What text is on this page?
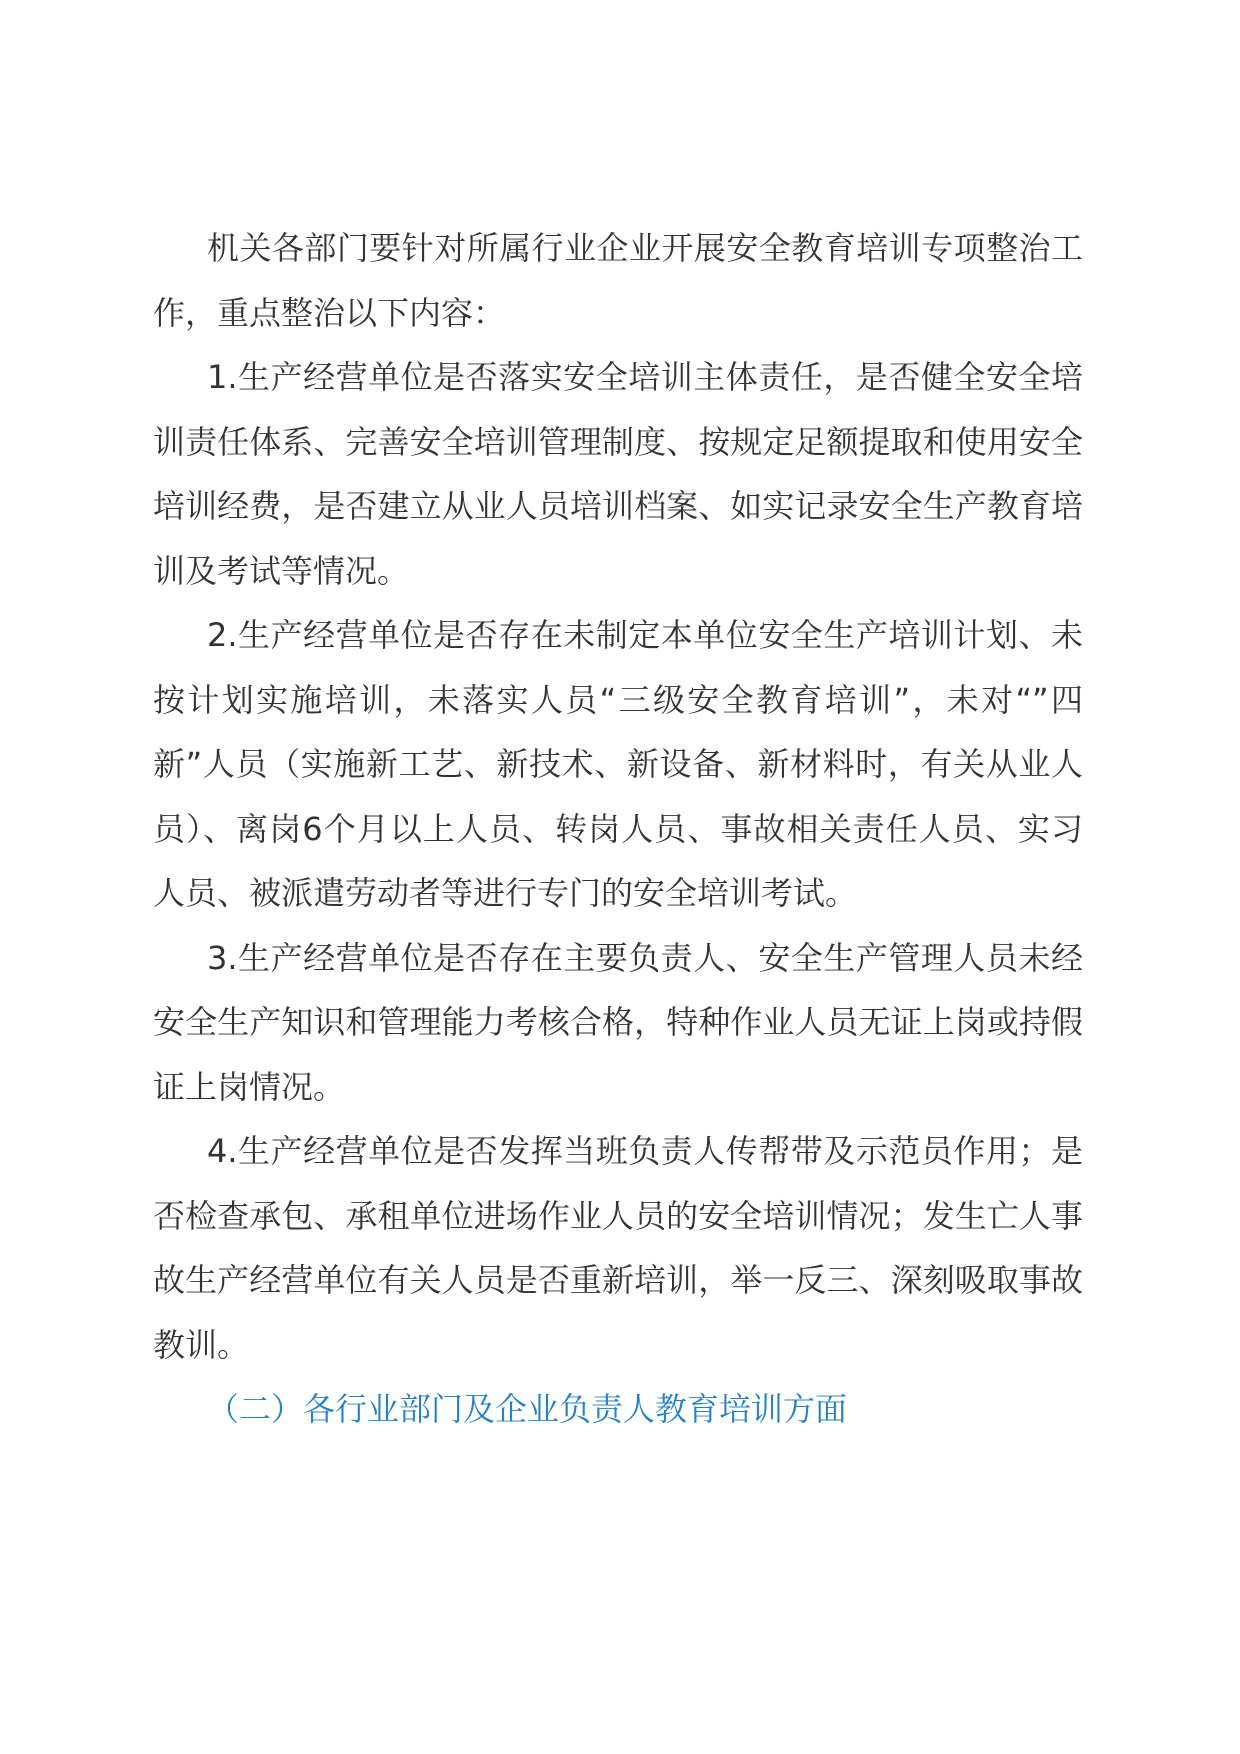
机关各部门要针对所属行业企业开展安全教育培训专项整治工作，重点整治以下内容：

1.生产经营单位是否落实安全培训主体责任，是否健全安全培训责任体系、完善安全培训管理制度、按规定足额提取和使用安全培训经费，是否建立从业人员培训档案、如实记录安全生产教育培训及考试等情况。

2.生产经营单位是否存在未制定本单位安全生产培训计划、未按计划实施培训，未落实人员“三级安全教育培训”，未对“”四新”人员（实施新工艺、新技术、新设备、新材料时，有关从业人员）、离岗6个月以上人员、转岗人员、事故相关责任人员、实习人员、被派遣劳动者等进行专门的安全培训考试。

3.生产经营单位是否存在主要负责人、安全生产管理人员未经安全生产知识和管理能力考核合格，特种作业人员无证上岗或持假证上岗情况。

4.生产经营单位是否发挥当班负责人传帮带及示范员作用；是否检查承包、承租单位进场作业人员的安全培训情况；发生亡人事故生产经营单位有关人员是否重新培训，举一反三、深刻吸取事故教训。

（二）各行业部门及企业负责人教育培训方面
